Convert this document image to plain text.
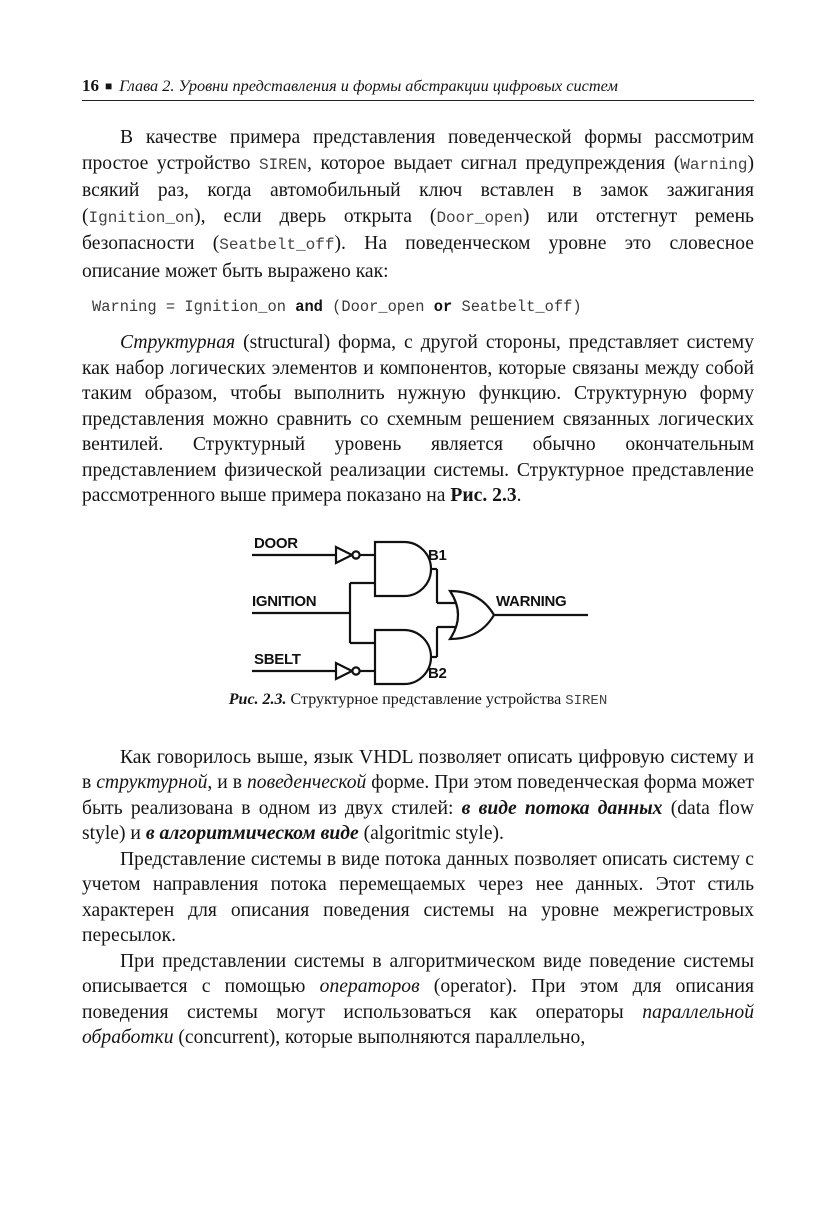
16 ■ Глава 2. Уровни представления и формы абстракции цифровых систем

В качестве примера представления поведенческой формы рассмотрим простое устройство SIREN, которое выдает сигнал предупреждения (Warning) всякий раз, когда автомобильный ключ вставлен в замок зажигания (Ignition_on), если дверь открыта (Door_open) или отстегнут ремень безопасности (Seatbelt_off). На поведенческом уровне это словесное описание может быть выражено как:

Warning = Ignition_on and (Door_open or Seatbelt_off)

Структурная (structural) форма, с другой стороны, представляет систему как набор логических элементов и компонентов, которые связаны между собой таким образом, чтобы выполнить нужную функцию. Структурную форму представления можно сравнить со схемным решением связанных логических вентилей. Структурный уровень является обычно окончательным представлением физической реализации системы. Структурное представление рассмотренного выше примера показано на Рис. 2.3.

DOOR
B1
IGNITION	WARNING
SBELT
B2
Рис. 2.3. Структурное представление устройства SIREN

Как говорилось выше, язык VHDL позволяет описать цифровую систему и в структурной, и в поведенческой форме. При этом поведенческая форма может быть реализована в одном из двух стилей: в виде потока данных (data flow style) и в алгоритмическом виде (algoritmic style).

Представление системы в виде потока данных позволяет описать систему с учетом направления потока перемещаемых через нее данных. Этот стиль характерен для описания поведения системы на уровне межрегистровых пересылок.

При представлении системы в алгоритмическом виде поведение системы описывается с помощью операторов (operator). При этом для описания поведения системы могут использоваться как операторы параллельной обработки (concurrent), которые выполняются параллельно,
